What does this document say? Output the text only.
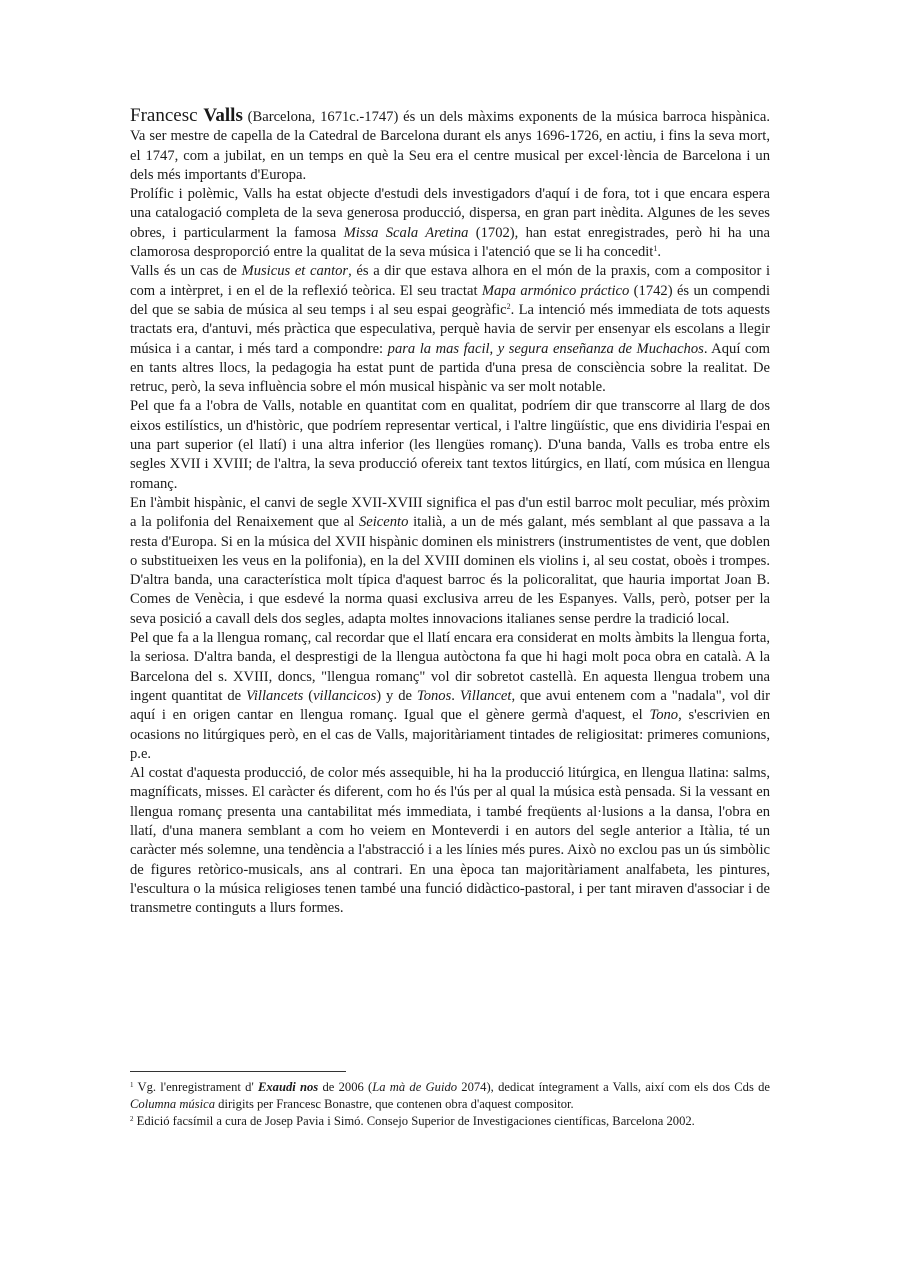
Francesc Valls (Barcelona, 1671c.-1747) és un dels màxims exponents de la música barroca hispànica. Va ser mestre de capella de la Catedral de Barcelona durant els anys 1696-1726, en actiu, i fins la seva mort, el 1747, com a jubilat, en un temps en què la Seu era el centre musical per excel·lència de Barcelona i un dels més importants d'Europa.

Prolífic i polèmic, Valls ha estat objecte d'estudi dels investigadors d'aquí i de fora, tot i que encara espera una catalogació completa de la seva generosa producció, dispersa, en gran part inèdita. Algunes de les seves obres, i particularment la famosa Missa Scala Aretina (1702), han estat enregistrades, però hi ha una clamorosa desproporció entre la qualitat de la seva música i l'atenció que se li ha concedit$^1$.

Valls és un cas de Musicus et cantor, és a dir que estava alhora en el món de la praxis, com a compositor i com a intèrpret, i en el de la reflexió teòrica. El seu tractat Mapa armónico práctico (1742) és un compendi del que se sabia de música al seu temps i al seu espai geogràfic$^2$. La intenció més immediata de tots aquests tractats era, d'antuvi, més pràctica que especulativa, perquè havia de servir per ensenyar els escolans a llegir música i a cantar, i més tard a compondre: para la mas facil, y segura enseñanza de Muchachos. Aquí com en tants altres llocs, la pedagogia ha estat punt de partida d'una presa de consciència sobre la realitat. De retruc, però, la seva influència sobre el món musical hispànic va ser molt notable.

Pel que fa a l'obra de Valls, notable en quantitat com en qualitat, podríem dir que transcorre al llarg de dos eixos estilístics, un d'històric, que podríem representar vertical, i l'altre lingüístic, que ens dividiria l'espai en una part superior (el llatí) i una altra inferior (les llengües romanç). D'una banda, Valls es troba entre els segles XVII i XVIII; de l'altra, la seva producció ofereix tant textos litúrgics, en llatí, com música en llengua romanç.

En l'àmbit hispànic, el canvi de segle XVII-XVIII significa el pas d'un estil barroc molt peculiar, més pròxim a la polifonia del Renaixement que al Seicento italià, a un de més galant, més semblant al que passava a la resta d'Europa. Si en la música del XVII hispànic dominen els ministrers (instrumentistes de vent, que doblen o substitueixen les veus en la polifonia), en la del XVIII dominen els violins i, al seu costat, oboès i trompes. D'altra banda, una característica molt típica d'aquest barroc és la policoralitat, que hauria importat Joan B. Comes de Venècia, i que esdevé la norma quasi exclusiva arreu de les Espanyes. Valls, però, potser per la seva posició a cavall dels dos segles, adapta moltes innovacions italianes sense perdre la tradició local.

Pel que fa a la llengua romanç, cal recordar que el llatí encara era considerat en molts àmbits la llengua forta, la seriosa. D'altra banda, el desprestigi de la llengua autòctona fa que hi hagi molt poca obra en català. A la Barcelona del s. XVIII, doncs, "llengua romanç" vol dir sobretot castellà. En aquesta llengua trobem una ingent quantitat de Villancets (villancicos) y de Tonos. Villancet, que avui entenem com a "nadala", vol dir aquí i en origen cantar en llengua romanç. Igual que el gènere germà d'aquest, el Tono, s'escrivien en ocasions no litúrgiques però, en el cas de Valls, majoritàriament tintades de religiositat: primeres comunions, p.e.

Al costat d'aquesta producció, de color més assequible, hi ha la producció litúrgica, en llengua llatina: salms, magníficats, misses. El caràcter és diferent, com ho és l'ús per al qual la música està pensada. Si la vessant en llengua romanç presenta una cantabilitat més immediata, i també freqüents al·lusions a la dansa, l'obra en llatí, d'una manera semblant a com ho veiem en Monteverdi i en autors del segle anterior a Itàlia, té un caràcter més solemne, una tendència a l'abstracció i a les línies més pures. Això no exclou pas un ús simbòlic de figures retòrico-musicals, ans al contrari. En una època tan majoritàriament analfabeta, les pintures, l'escultura o la música religioses tenen també una funció didàctico-pastoral, i per tant miraven d'associar i de transmetre continguts a llurs formes.

$^1$ Vg. l'enregistrament d' Exaudi nos de 2006 (La mà de Guido 2074), dedicat íntegrament a Valls, així com els dos Cds de Columna música dirigits per Francesc Bonastre, que contenen obra d'aquest compositor.

$^2$ Edició facsímil a cura de Josep Pavia i Simó. Consejo Superior de Investigaciones científicas, Barcelona 2002.
